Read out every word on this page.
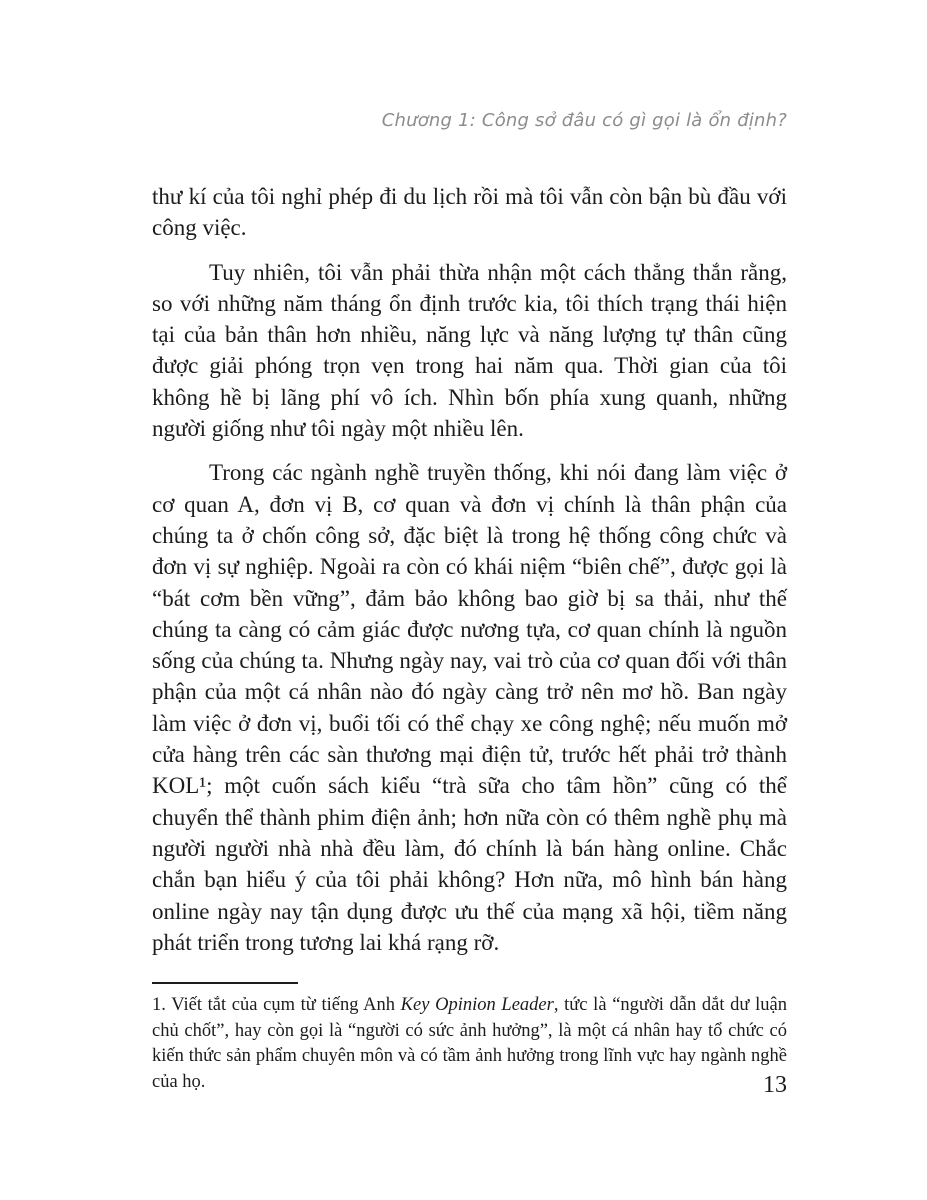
Chương 1: Công sở đâu có gì gọi là ổn định?

thư kí của tôi nghỉ phép đi du lịch rồi mà tôi vẫn còn bận bù đầu với công việc.

Tuy nhiên, tôi vẫn phải thừa nhận một cách thẳng thắn rằng, so với những năm tháng ổn định trước kia, tôi thích trạng thái hiện tại của bản thân hơn nhiều, năng lực và năng lượng tự thân cũng được giải phóng trọn vẹn trong hai năm qua. Thời gian của tôi không hề bị lãng phí vô ích. Nhìn bốn phía xung quanh, những người giống như tôi ngày một nhiều lên.

Trong các ngành nghề truyền thống, khi nói đang làm việc ở cơ quan A, đơn vị B, cơ quan và đơn vị chính là thân phận của chúng ta ở chốn công sở, đặc biệt là trong hệ thống công chức và đơn vị sự nghiệp. Ngoài ra còn có khái niệm “biên chế”, được gọi là “bát cơm bền vững”, đảm bảo không bao giờ bị sa thải, như thế chúng ta càng có cảm giác được nương tựa, cơ quan chính là nguồn sống của chúng ta. Nhưng ngày nay, vai trò của cơ quan đối với thân phận của một cá nhân nào đó ngày càng trở nên mơ hồ. Ban ngày làm việc ở đơn vị, buổi tối có thể chạy xe công nghệ; nếu muốn mở cửa hàng trên các sàn thương mại điện tử, trước hết phải trở thành KOL¹; một cuốn sách kiểu “trà sữa cho tâm hồn” cũng có thể chuyển thể thành phim điện ảnh; hơn nữa còn có thêm nghề phụ mà người người nhà nhà đều làm, đó chính là bán hàng online. Chắc chắn bạn hiểu ý của tôi phải không? Hơn nữa, mô hình bán hàng online ngày nay tận dụng được ưu thế của mạng xã hội, tiềm năng phát triển trong tương lai khá rạng rỡ.

1. Viết tắt của cụm từ tiếng Anh Key Opinion Leader, tức là “người dẫn dắt dư luận chủ chốt”, hay còn gọi là “người có sức ảnh hưởng”, là một cá nhân hay tổ chức có kiến thức sản phẩm chuyên môn và có tầm ảnh hưởng trong lĩnh vực hay ngành nghề của họ.	13
